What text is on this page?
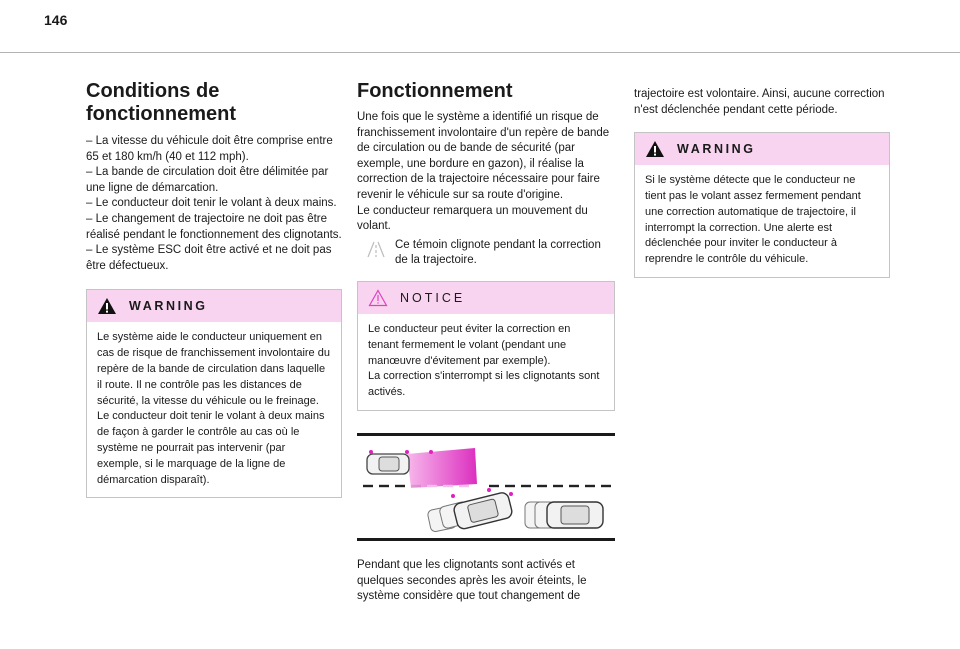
146
Conditions de
fonctionnement

– La vitesse du véhicule doit être comprise entre 65 et 180 km/h (40 et 112 mph).

– La bande de circulation doit être délimitée par une ligne de démarcation.

– Le conducteur doit tenir le volant à deux mains.

– Le changement de trajectoire ne doit pas être réalisé pendant le fonctionnement des clignotants.

– Le système ESC doit être activé et ne doit pas être défectueux.

WARNING

Le système aide le conducteur uniquement en cas de risque de franchissement involontaire du repère de la bande de circulation dans laquelle il route. Il ne contrôle pas les distances de sécurité, la vitesse du véhicule ou le freinage.

Le conducteur doit tenir le volant à deux mains de façon à garder le contrôle au cas où le système ne pourrait pas intervenir (par exemple, si le marquage de la ligne de démarcation disparaît).

Fonctionnement

Une fois que le système a identifié un risque de franchissement involontaire d'un repère de bande de circulation ou de bande de sécurité (par exemple, une bordure en gazon), il réalise la correction de la trajectoire nécessaire pour faire revenir le véhicule sur sa route d'origine.

Le conducteur remarquera un mouvement du volant.

Ce témoin clignote pendant la correction de la trajectoire.

NOTICE

Le conducteur peut éviter la correction en tenant fermement le volant (pendant une manœuvre d'évitement par exemple).

La correction s'interrompt si les clignotants sont activés.

Pendant que les clignotants sont activés et quelques secondes après les avoir éteints, le système considère que tout changement de

trajectoire est volontaire. Ainsi, aucune correction n'est déclenchée pendant cette période.

WARNING

Si le système détecte que le conducteur ne tient pas le volant assez fermement pendant une correction automatique de trajectoire, il interrompt la correction. Une alerte est déclenchée pour inviter le conducteur à reprendre le contrôle du véhicule.
